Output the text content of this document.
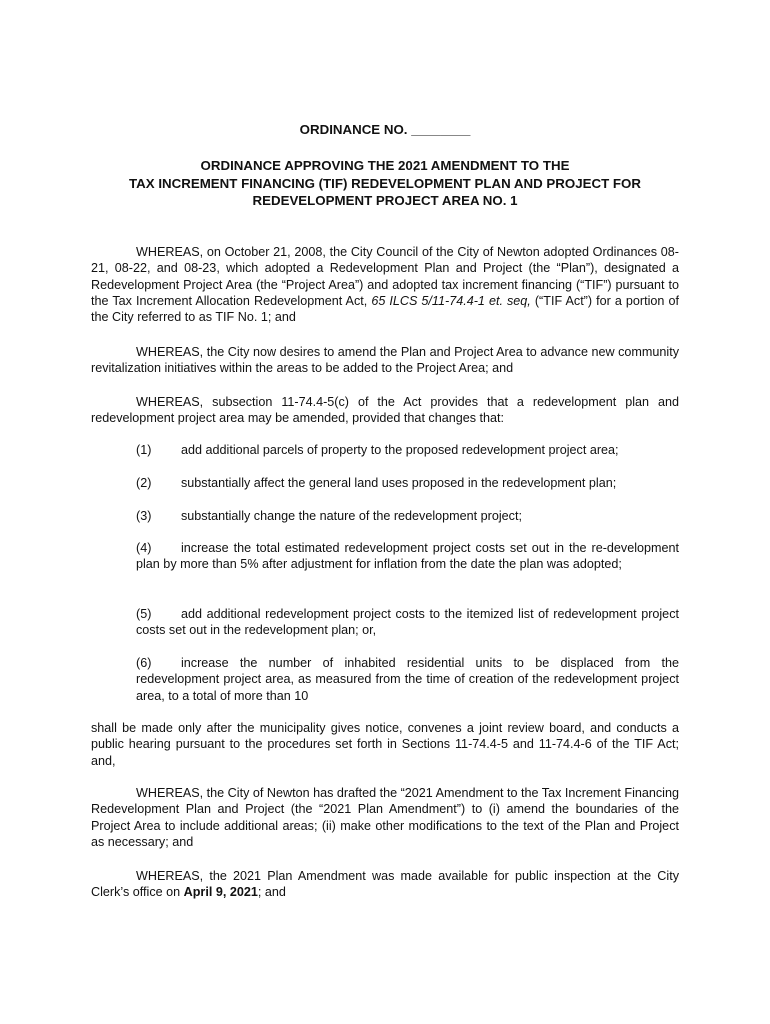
ORDINANCE NO. ________
ORDINANCE APPROVING THE 2021 AMENDMENT TO THE
TAX INCREMENT FINANCING (TIF) REDEVELOPMENT PLAN AND PROJECT FOR
REDEVELOPMENT PROJECT AREA NO. 1

WHEREAS, on October 21, 2008, the City Council of the City of Newton adopted Ordinances 08-21, 08-22, and 08-23, which adopted a Redevelopment Plan and Project (the “Plan”), designated a Redevelopment Project Area (the “Project Area”) and adopted tax increment financing (“TIF”) pursuant to the Tax Increment Allocation Redevelopment Act, 65 ILCS 5/11-74.4-1 et. seq, (“TIF Act”) for a portion of the City referred to as TIF No. 1; and

WHEREAS, the City now desires to amend the Plan and Project Area to advance new community revitalization initiatives within the areas to be added to the Project Area; and

WHEREAS, subsection 11-74.4-5(c) of the Act provides that a redevelopment plan and redevelopment project area may be amended, provided that changes that:

(1) add additional parcels of property to the proposed redevelopment project area;

(2) substantially affect the general land uses proposed in the redevelopment plan;

(3) substantially change the nature of the redevelopment project;

(4) increase the total estimated redevelopment project costs set out in the re-development plan by more than 5% after adjustment for inflation from the date the plan was adopted;

(5) add additional redevelopment project costs to the itemized list of redevelopment project costs set out in the redevelopment plan; or,

(6) increase the number of inhabited residential units to be displaced from the redevelopment project area, as measured from the time of creation of the redevelopment project area, to a total of more than 10

shall be made only after the municipality gives notice, convenes a joint review board, and conducts a public hearing pursuant to the procedures set forth in Sections 11-74.4-5 and 11-74.4-6 of the TIF Act; and,

WHEREAS, the City of Newton has drafted the “2021 Amendment to the Tax Increment Financing Redevelopment Plan and Project (the “2021 Plan Amendment”) to (i) amend the boundaries of the Project Area to include additional areas; (ii) make other modifications to the text of the Plan and Project as necessary; and

WHEREAS, the 2021 Plan Amendment was made available for public inspection at the City Clerk’s office on April 9, 2021; and
